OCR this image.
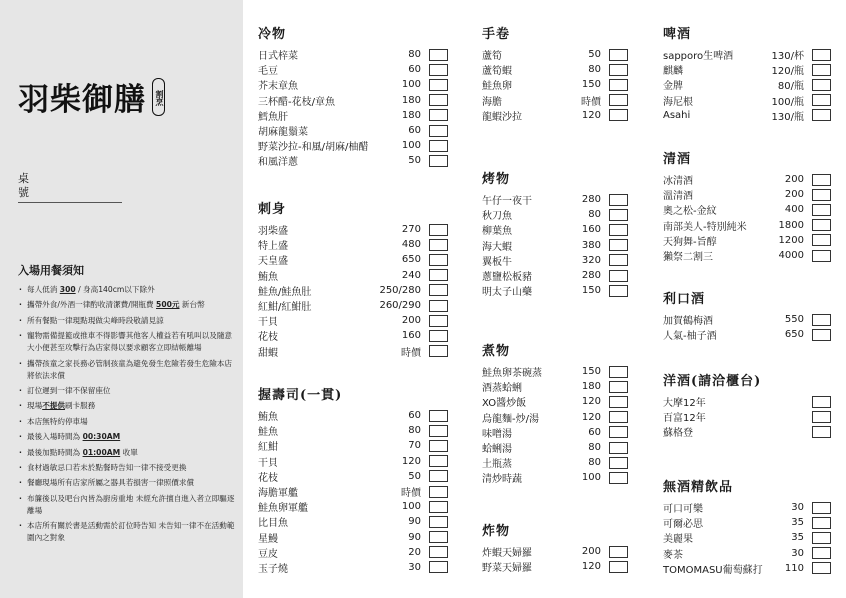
羽柴御膳	割烹
桌號
入場用餐須知
· 每人低消 300 / 身高140cm以下除外
· 攜帶外食/外酒一律酌收清潔費/開瓶費 500元 新台幣
· 所有餐點一律現點現做尖峰時段敬請見諒
· 寵物需備提籃或推車不得影響其他客人權益若有吼叫以及隨意大小便甚至攻擊行為店家得以要求顧客立即結帳離場
· 攜帶孩童之家長務必管制孩童為避免發生危險若發生危險本店將依法求償
· 訂位遲到一律不保留座位
· 現場不提供刷卡服務
· 本店無特約停車場
· 最後入場時間為 00:30AM
· 最後加點時間為 01:00AM 收單
· 食材過敏忌口若未於點餐時告知一律不接受更換
· 餐廳現場所有店家所屬之器具若損害一律照價求償
· 布簾後以及吧台內皆為廚房重地 未經允許擅自進入者立即驅逐離場
· 本店所有關於書是活動需於訂位時告知 未告知一律不在活動範圍內之對象
冷物
日式梓菜	80
毛豆	60
芥末章魚	100
三杯醋-花枝/章魚	180
鱈魚肝	180
胡麻龍鬚菜	60
野菜沙拉-和風/胡麻/柚醋	100
和風洋蔥	50
刺身
羽柴盛	270
特上盛	480
天皇盛	650
鮪魚	240
鮭魚/鮭魚肚	250/280
紅魽/紅魽肚	260/290
干貝	200
花枝	160
甜蝦	時價
握壽司(一貫)
鮪魚	60
鮭魚	80
紅魽	70
干貝	120
花枝	50
海膽軍艦	時價
鮭魚卵軍艦	100
比目魚	90
星鰻	90
豆皮	20
玉子燒	30
手卷
蘆筍	50
蘆筍蝦	80
鮭魚卵	150
海膽	時價
龍蝦沙拉	120
烤物
午仔一夜干	280
秋刀魚	80
柳葉魚	160
海大蝦	380
翼板牛	320
蔥鹽松板豬	280
明太子山藥	150
煮物
鮭魚卵茶碗蒸	150
酒蒸蛤蜊	180
XO醬炒飯	120
烏龍麵-炒/湯	120
味噌湯	60
蛤蜊湯	80
土瓶蒸	80
清炒時蔬	100
炸物
炸蝦天婦羅	200
野菜天婦羅	120
啤酒
sapporo生啤酒	130/杯
麒麟	120/瓶
金牌	80/瓶
海尼根	100/瓶
Asahi	130/瓶
清酒
冰清酒	200
溫清酒	200
奧之松-金紋	400
南部美人-特別純米	1800
天狗舞-旨醇	1200
獺祭二割三	4000
利口酒
加賀鶴梅酒	550
人氣-柚子酒	650
洋酒(請洽櫃台)
大摩12年
百富12年
蘇格登
無酒精飲品
可口可樂	30
可爾必思	35
美麗果	35
麥茶	30
TOMOMASU葡萄蘇打	110
